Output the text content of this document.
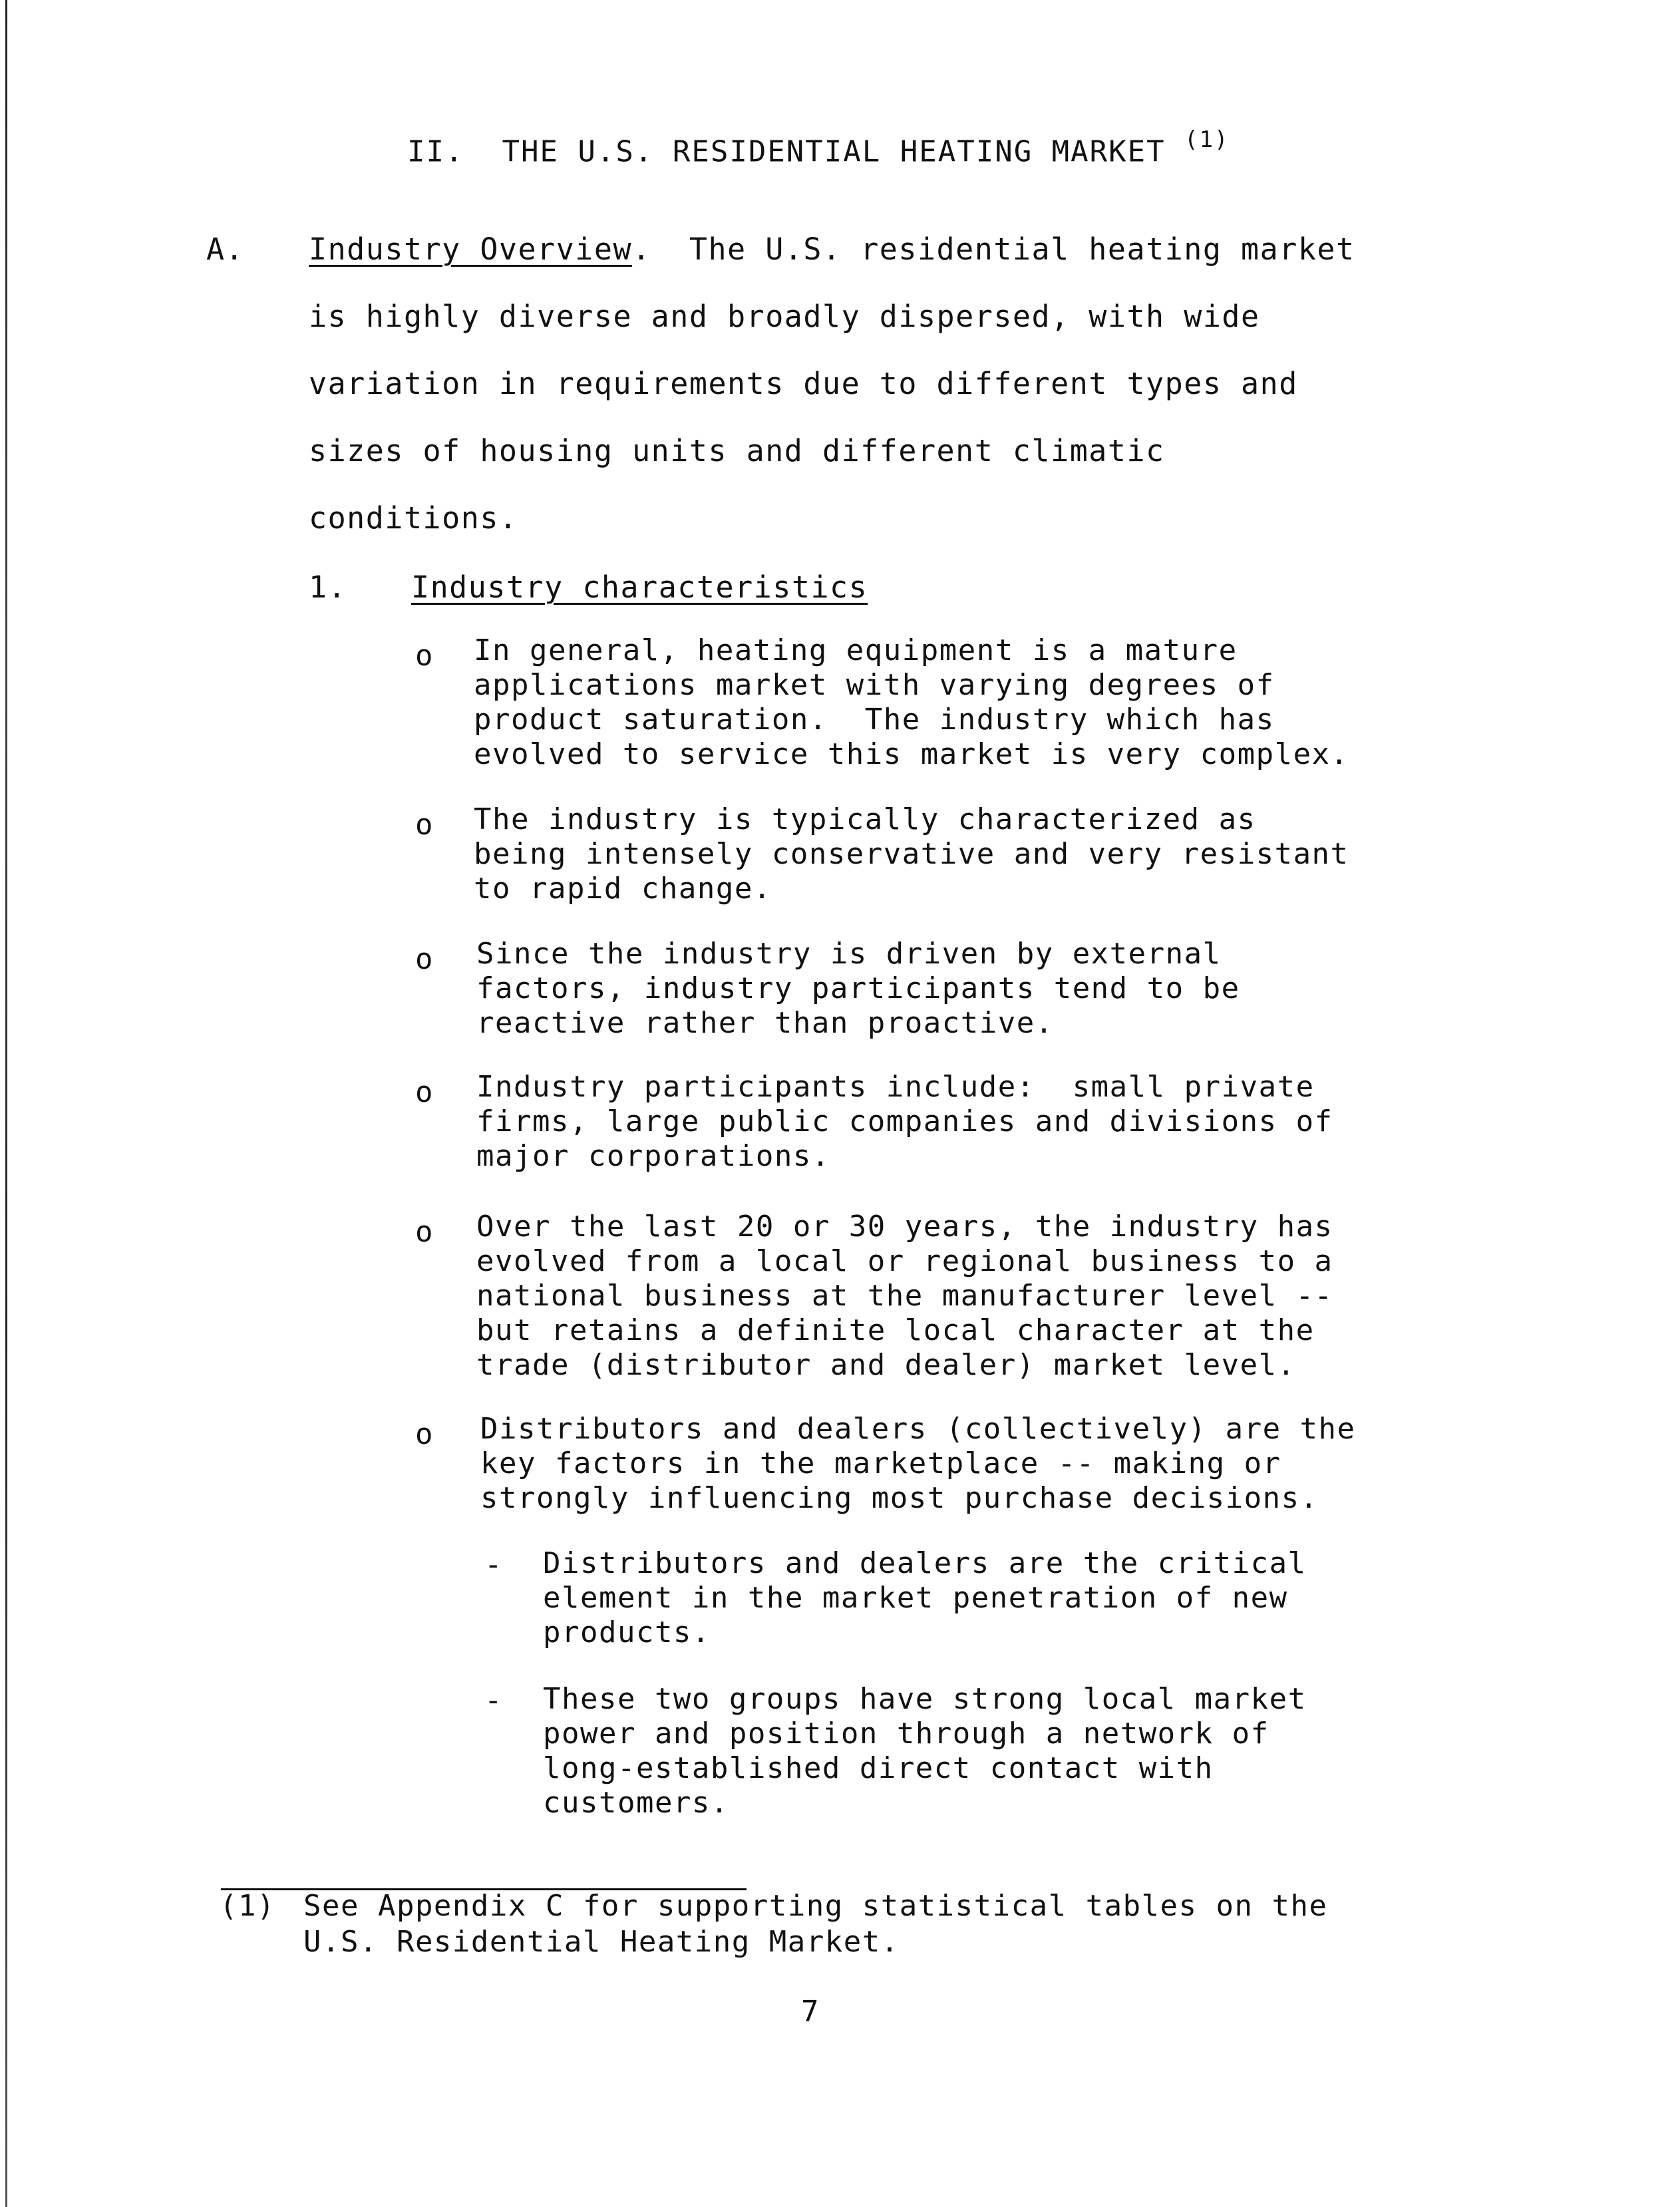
II.  THE U.S. RESIDENTIAL HEATING MARKET $^{(1)}$
A. Industry Overview. The U.S. residential heating market
is highly diverse and broadly dispersed, with wide
variation in requirements due to different types and
sizes of housing units and different climatic
conditions.
1. Industry characteristics
o In general, heating equipment is a mature
applications market with varying degrees of
product saturation.  The industry which has
evolved to service this market is very complex.
o The industry is typically characterized as
being intensely conservative and very resistant
to rapid change.
o Since the industry is driven by external
factors, industry participants tend to be
reactive rather than proactive.
o Industry participants include:  small private
firms, large public companies and divisions of
major corporations.
o Over the last 20 or 30 years, the industry has
evolved from a local or regional business to a
national business at the manufacturer level --
but retains a definite local character at the
trade (distributor and dealer) market level.
o Distributors and dealers (collectively) are the
key factors in the marketplace -- making or
strongly influencing most purchase decisions.
- Distributors and dealers are the critical
element in the market penetration of new
products.
- These two groups have strong local market
power and position through a network of
long-established direct contact with
customers.
(1) See Appendix C for supporting statistical tables on the
U.S. Residential Heating Market.
7
